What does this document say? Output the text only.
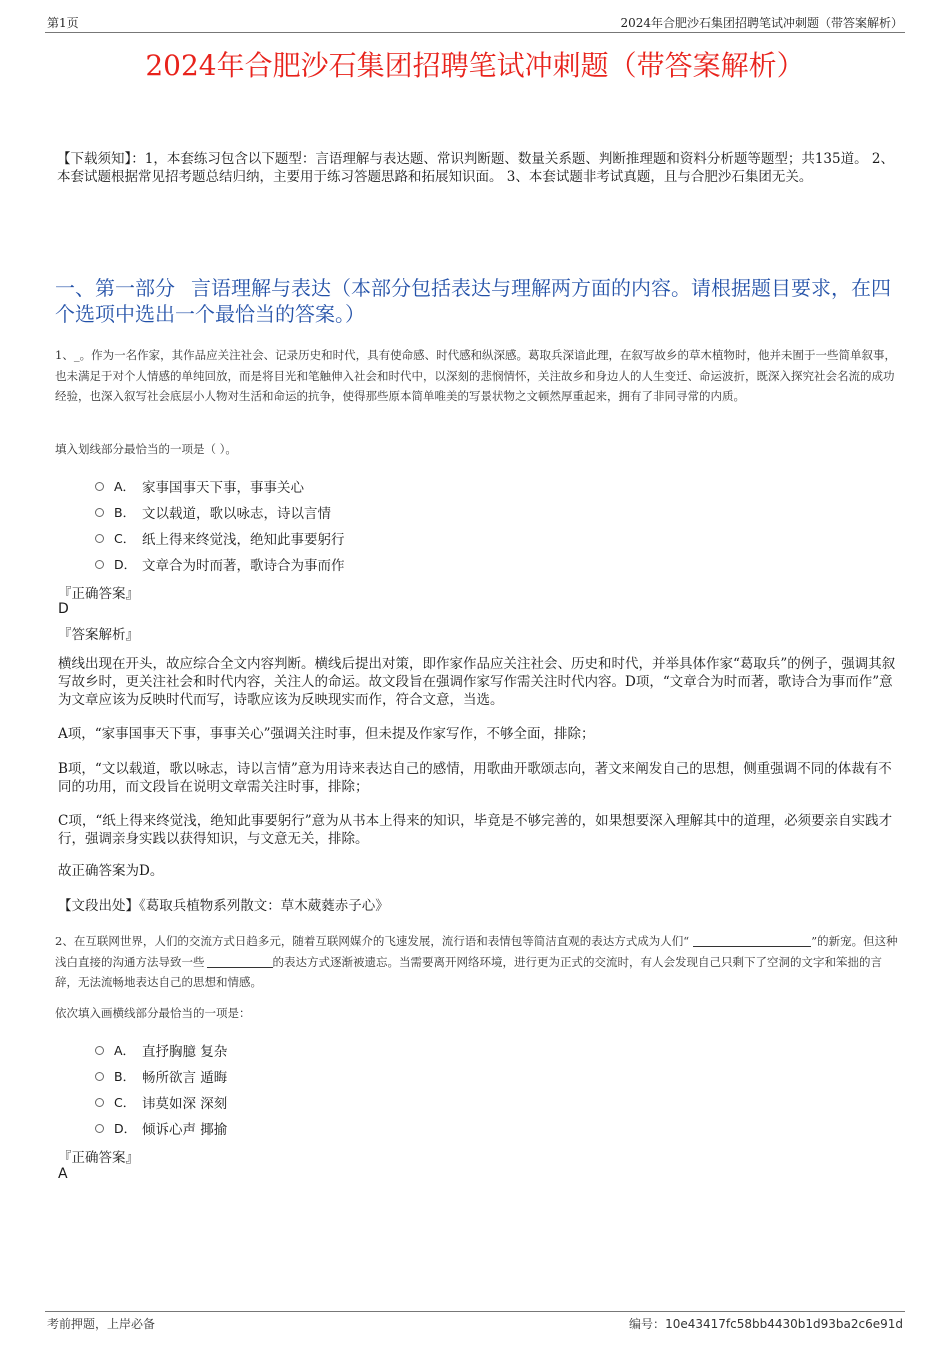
第1页	2024年合肥沙石集团招聘笔试冲刺题（带答案解析）
2024年合肥沙石集团招聘笔试冲刺题（带答案解析）
【下载须知】：1，本套练习包含以下题型：言语理解与表达题、常识判断题、数量关系题、判断推理题和资料分析题等题型；共135道。 2、本套试题根据常见招考题总结归纳，主要用于练习答题思路和拓展知识面。 3、本套试题非考试真题，且与合肥沙石集团无关。
一、第一部分 言语理解与表达（本部分包括表达与理解两方面的内容。请根据题目要求，在四个选项中选出一个最恰当的答案。）
1、_。作为一名作家，其作品应关注社会、记录历史和时代，具有使命感、时代感和纵深感。葛取兵深谙此理，在叙写故乡的草木植物时，他并未囿于一些简单叙事，也未满足于对个人情感的单纯回放，而是将目光和笔触伸入社会和时代中，以深刻的悲悯情怀，关注故乡和身边人的人生变迁、命运波折，既深入探究社会名流的成功经验，也深入叙写社会底层小人物对生活和命运的抗争，使得那些原本简单唯美的写景状物之文顿然厚重起来，拥有了非同寻常的内质。
填入划线部分最恰当的一项是（ ）。
A． 家事国事天下事，事事关心
B． 文以载道，歌以咏志，诗以言情
C． 纸上得来终觉浅，绝知此事要躬行
D． 文章合为时而著，歌诗合为事而作
『正确答案』
D
『答案解析』
横线出现在开头，故应综合全文内容判断。横线后提出对策，即作家作品应关注社会、历史和时代，并举具体作家“葛取兵”的例子，强调其叙写故乡时，更关注社会和时代内容，关注人的命运。故文段旨在强调作家写作需关注时代内容。D项，“文章合为时而著，歌诗合为事而作”意为文章应该为反映时代而写，诗歌应该为反映现实而作，符合文意，当选。
A项，“家事国事天下事，事事关心”强调关注时事，但未提及作家写作，不够全面，排除；
B项，“文以载道，歌以咏志，诗以言情”意为用诗来表达自己的感情，用歌曲开歌颂志向，著文来阐发自己的思想，侧重强调不同的体裁有不同的功用，而文段旨在说明文章需关注时事，排除；
C项，“纸上得来终觉浅，绝知此事要躬行”意为从书本上得来的知识，毕竟是不够完善的，如果想要深入理解其中的道理，必须要亲自实践才行，强调亲身实践以获得知识，与文意无关，排除。
故正确答案为D。
【文段出处】《葛取兵植物系列散文：草木葳蕤赤子心》
2、在互联网世界，人们的交流方式日趋多元，随着互联网媒介的飞速发展，流行语和表情包等简洁直观的表达方式成为人们“	”的新宠。但这种浅白直接的沟通方法导致一些	的表达方式逐渐被遗忘。当需要离开网络环境，进行更为正式的交流时，有人会发现自己只剩下了空洞的文字和笨拙的言辞，无法流畅地表达自己的思想和情感。
依次填入画横线部分最恰当的一项是：
A． 直抒胸臆 复杂
B． 畅所欲言 遁晦
C． 讳莫如深 深刻
D． 倾诉心声 揶揄
『正确答案』
A
考前押题，上岸必备	编号：10e43417fc58bb4430b1d93ba2c6e91d
